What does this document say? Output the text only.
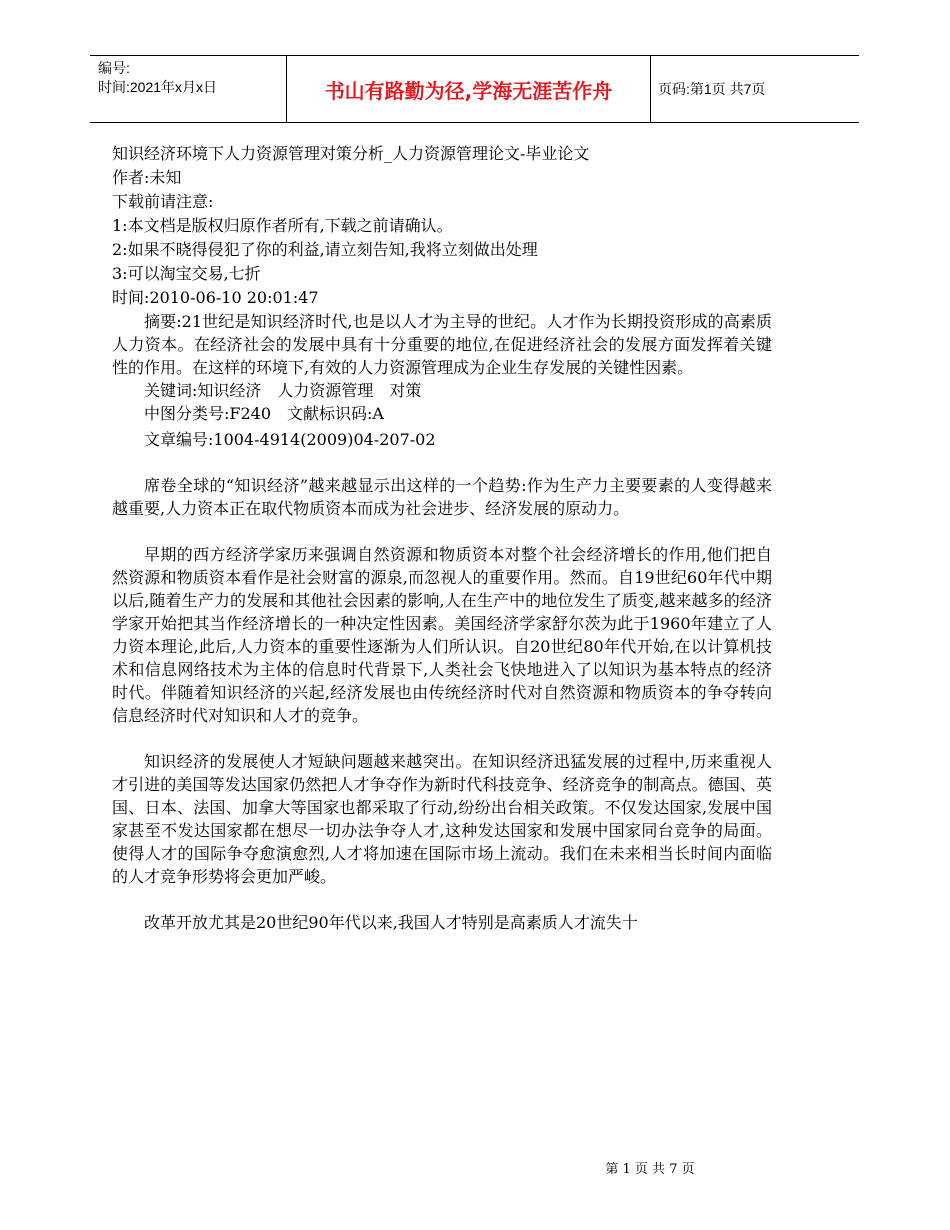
编号:
时间:2021年x月x日	书山有路勤为径,学海无涯苦作舟	页码:第1页 共7页

知识经济环境下人力资源管理对策分析_人力资源管理论文-毕业论文

作者:未知

下载前请注意:

1:本文档是版权归原作者所有,下载之前请确认。

2:如果不晓得侵犯了你的利益,请立刻告知,我将立刻做出处理

3:可以淘宝交易,七折

时间:2010-06-10 20:01:47

摘要:21世纪是知识经济时代,也是以人才为主导的世纪。人才作为长期投资形成的高素质人力资本。在经济社会的发展中具有十分重要的地位,在促进经济社会的发展方面发挥着关键性的作用。在这样的环境下,有效的人力资源管理成为企业生存发展的关键性因素。

关键词:知识经济　人力资源管理　对策

中图分类号:F240　文献标识码:A

文章编号:1004-4914(2009)04-207-02

席卷全球的“知识经济”越来越显示出这样的一个趋势:作为生产力主要要素的人变得越来越重要,人力资本正在取代物质资本而成为社会进步、经济发展的原动力。

早期的西方经济学家历来强调自然资源和物质资本对整个社会经济增长的作用,他们把自然资源和物质资本看作是社会财富的源泉,而忽视人的重要作用。然而。自19世纪60年代中期以后,随着生产力的发展和其他社会因素的影响,人在生产中的地位发生了质变,越来越多的经济学家开始把其当作经济增长的一种决定性因素。美国经济学家舒尔茨为此于1960年建立了人力资本理论,此后,人力资本的重要性逐渐为人们所认识。自20世纪80年代开始,在以计算机技术和信息网络技术为主体的信息时代背景下,人类社会飞快地进入了以知识为基本特点的经济时代。伴随着知识经济的兴起,经济发展也由传统经济时代对自然资源和物质资本的争夺转向信息经济时代对知识和人才的竞争。

知识经济的发展使人才短缺问题越来越突出。在知识经济迅猛发展的过程中,历来重视人才引进的美国等发达国家仍然把人才争夺作为新时代科技竞争、经济竞争的制高点。德国、英国、日本、法国、加拿大等国家也都采取了行动,纷纷出台相关政策。不仅发达国家,发展中国家甚至不发达国家都在想尽一切办法争夺人才,这种发达国家和发展中国家同台竞争的局面。使得人才的国际争夺愈演愈烈,人才将加速在国际市场上流动。我们在未来相当长时间内面临的人才竞争形势将会更加严峻。

改革开放尤其是20世纪90年代以来,我国人才特别是高素质人才流失十

第 1 页 共 7 页
